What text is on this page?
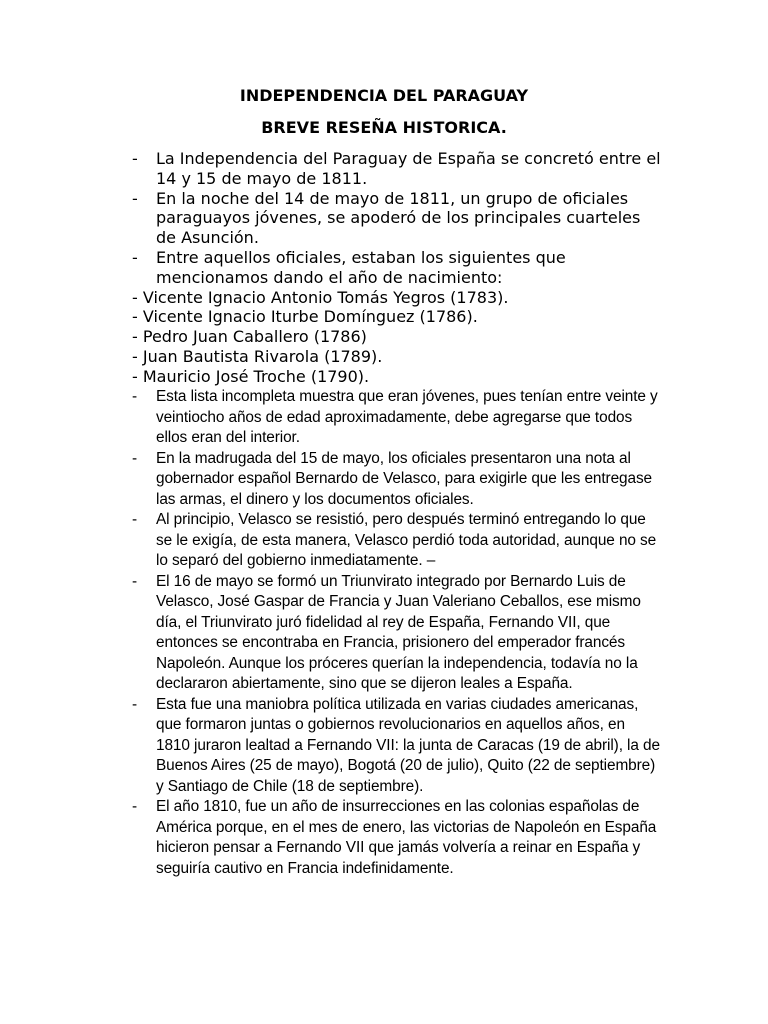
INDEPENDENCIA DEL PARAGUAY
BREVE RESEÑA HISTORICA.
- La Independencia del Paraguay de España se concretó entre el 14 y 15 de mayo de 1811.
- En la noche del 14 de mayo de 1811, un grupo de oficiales paraguayos jóvenes, se apoderó de los principales cuarteles de Asunción.
- Entre aquellos oficiales, estaban los siguientes que mencionamos dando el año de nacimiento:
- Vicente Ignacio Antonio Tomás Yegros (1783).
- Vicente Ignacio Iturbe Domínguez (1786).
- Pedro Juan Caballero (1786)
- Juan Bautista Rivarola (1789).
- Mauricio José Troche (1790).
- Esta lista incompleta muestra que eran jóvenes, pues tenían entre veinte y veintiocho años de edad aproximadamente, debe agregarse que todos ellos eran del interior.
- En la madrugada del 15 de mayo, los oficiales presentaron una nota al gobernador español Bernardo de Velasco, para exigirle que les entregase las armas, el dinero y los documentos oficiales.
- Al principio, Velasco se resistió, pero después terminó entregando lo que se le exigía, de esta manera, Velasco perdió toda autoridad, aunque no se lo separó del gobierno inmediatamente. –
- El 16 de mayo se formó un Triunvirato integrado por Bernardo Luis de Velasco, José Gaspar de Francia y Juan Valeriano Ceballos, ese mismo día, el Triunvirato juró fidelidad al rey de España, Fernando VII, que entonces se encontraba en Francia, prisionero del emperador francés Napoleón. Aunque los próceres querían la independencia, todavía no la declararon abiertamente, sino que se dijeron leales a España.
- Esta fue una maniobra política utilizada en varias ciudades americanas, que formaron juntas o gobiernos revolucionarios en aquellos años, en 1810 juraron lealtad a Fernando VII: la junta de Caracas (19 de abril), la de Buenos Aires (25 de mayo), Bogotá (20 de julio), Quito (22 de septiembre) y Santiago de Chile (18 de septiembre).
- El año 1810, fue un año de insurrecciones en las colonias españolas de América porque, en el mes de enero, las victorias de Napoleón en España hicieron pensar a Fernando VII que jamás volvería a reinar en España y seguiría cautivo en Francia indefinidamente.
